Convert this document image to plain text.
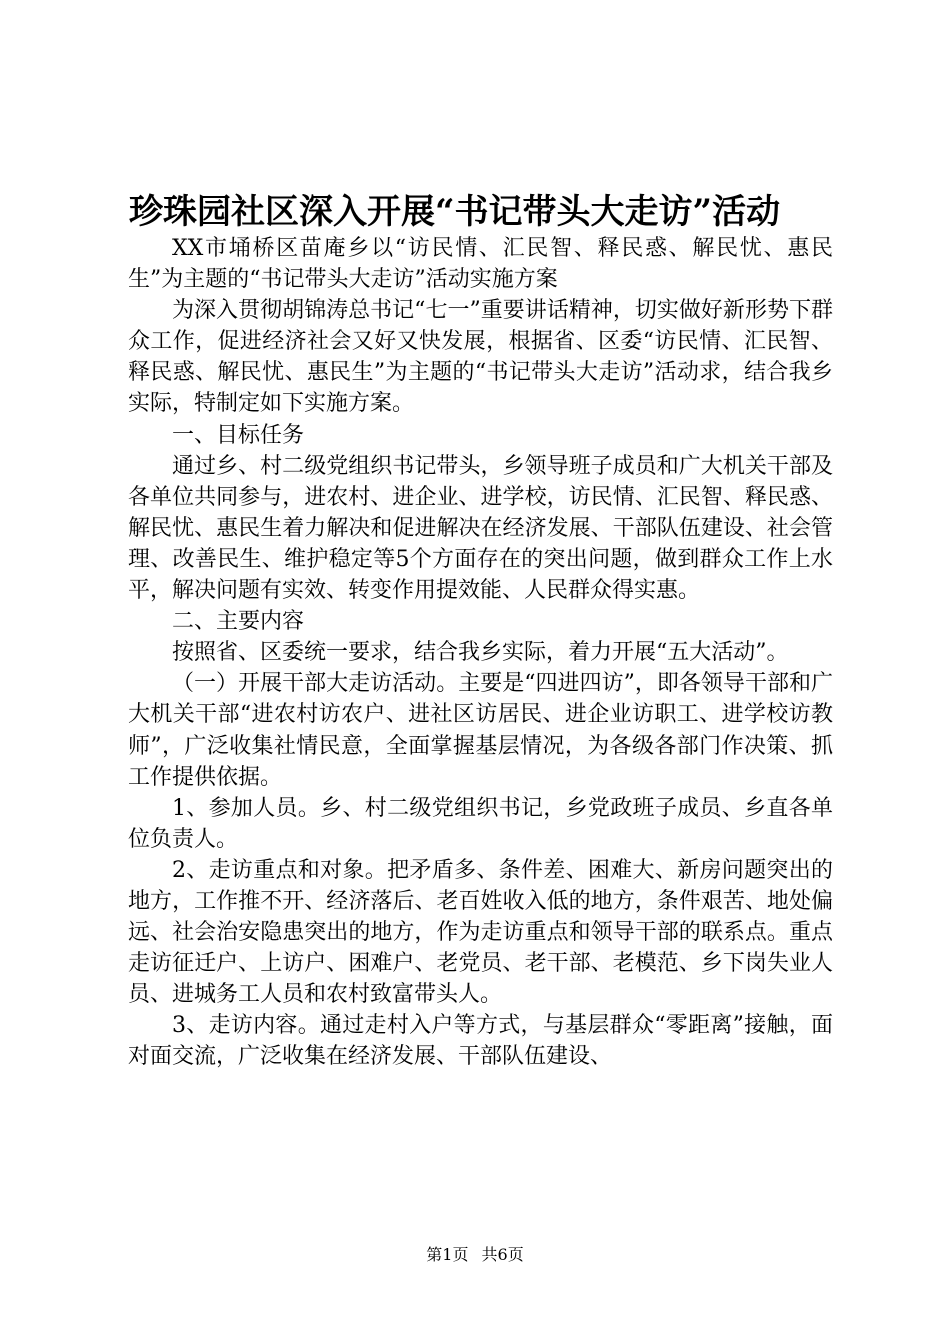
珍珠园社区深入开展“书记带头大走访”活动

XX市埇桥区苗庵乡以“访民情、汇民智、释民惑、解民忧、惠民生”为主题的“书记带头大走访”活动实施方案

为深入贯彻胡锦涛总书记“七一”重要讲话精神，切实做好新形势下群众工作，促进经济社会又好又快发展，根据省、区委“访民情、汇民智、释民惑、解民忧、惠民生”为主题的“书记带头大走访”活动求，结合我乡实际，特制定如下实施方案。

一、目标任务

通过乡、村二级党组织书记带头，乡领导班子成员和广大机关干部及各单位共同参与，进农村、进企业、进学校，访民情、汇民智、释民惑、解民忧、惠民生着力解决和促进解决在经济发展、干部队伍建设、社会管理、改善民生、维护稳定等5个方面存在的突出问题，做到群众工作上水平，解决问题有实效、转变作用提效能、人民群众得实惠。

二、主要内容

按照省、区委统一要求，结合我乡实际，着力开展“五大活动”。

（一）开展干部大走访活动。主要是“四进四访”，即各领导干部和广大机关干部“进农村访农户、进社区访居民、进企业访职工、进学校访教师”，广泛收集社情民意，全面掌握基层情况，为各级各部门作决策、抓工作提供依据。

1、参加人员。乡、村二级党组织书记，乡党政班子成员、乡直各单位负责人。

2、走访重点和对象。把矛盾多、条件差、困难大、新房问题突出的地方，工作推不开、经济落后、老百姓收入低的地方，条件艰苦、地处偏远、社会治安隐患突出的地方，作为走访重点和领导干部的联系点。重点走访征迁户、上访户、困难户、老党员、老干部、老模范、乡下岗失业人员、进城务工人员和农村致富带头人。

3、走访内容。通过走村入户等方式，与基层群众“零距离”接触，面对面交流，广泛收集在经济发展、干部队伍建设、

第1页 共6页
